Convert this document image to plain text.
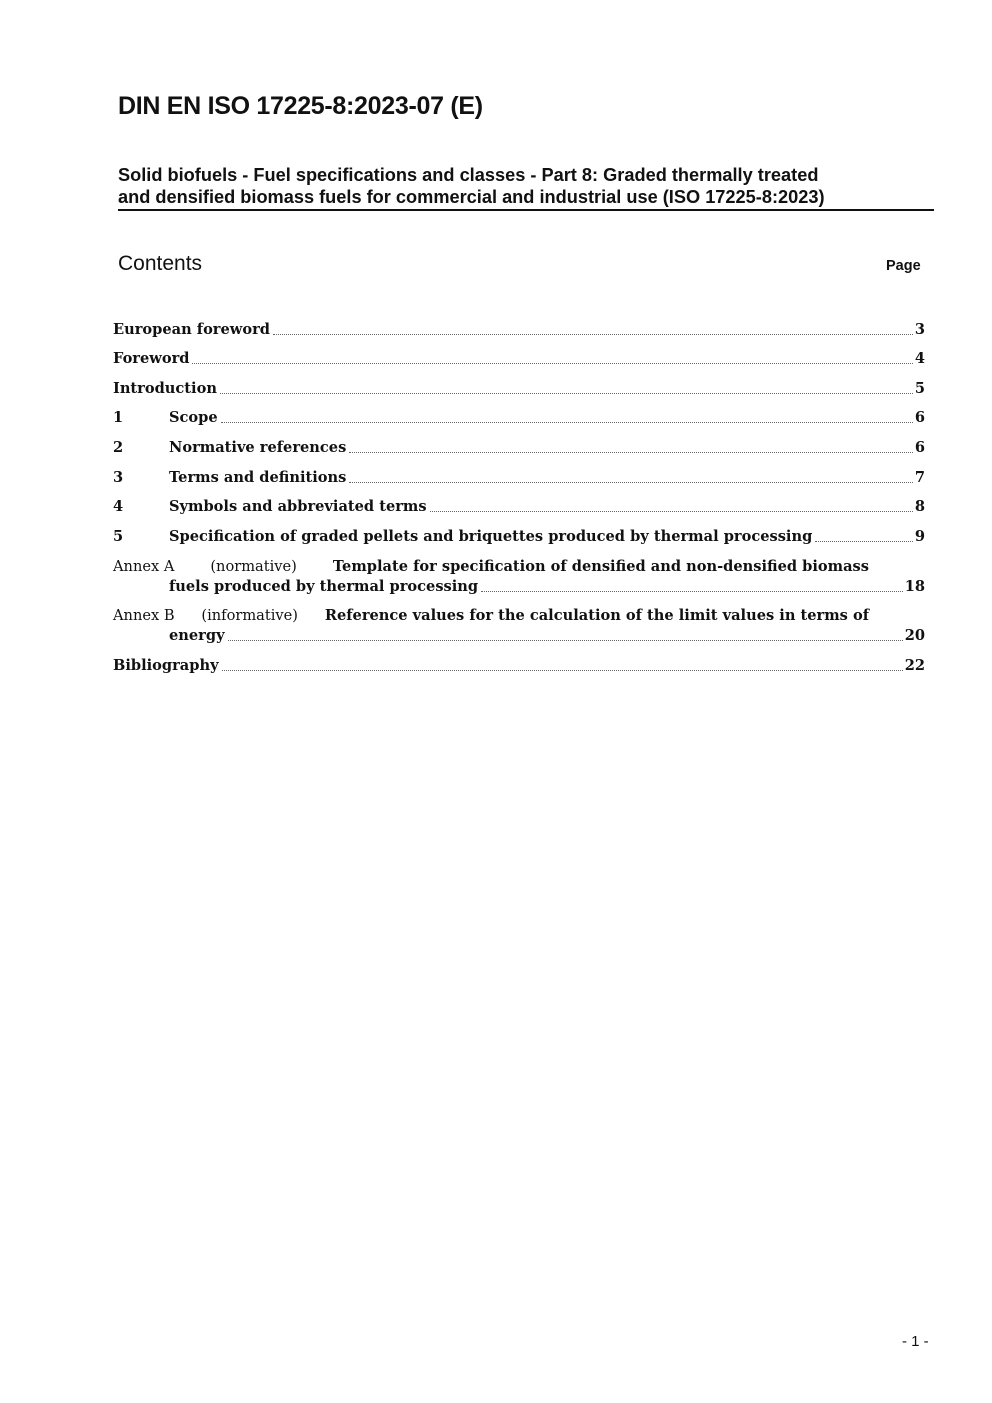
DIN EN ISO 17225-8:2023-07 (E)
Solid biofuels - Fuel specifications and classes - Part 8: Graded thermally treated
and densified biomass fuels for commercial and industrial use (ISO 17225-8:2023)
Contents	Page
European foreword	3
Foreword	4
Introduction	5
1	Scope	6
2	Normative references	6
3	Terms and definitions	7
4	Symbols and abbreviated terms	8
5	Specification of graded pellets and briquettes produced by thermal processing	9
Annex A (normative) Template for specification of densified and non-densified biomass
fuels produced by thermal processing	18
Annex B (informative) Reference values for the calculation of the limit values in terms of
energy	20
Bibliography	22
- 1 -
